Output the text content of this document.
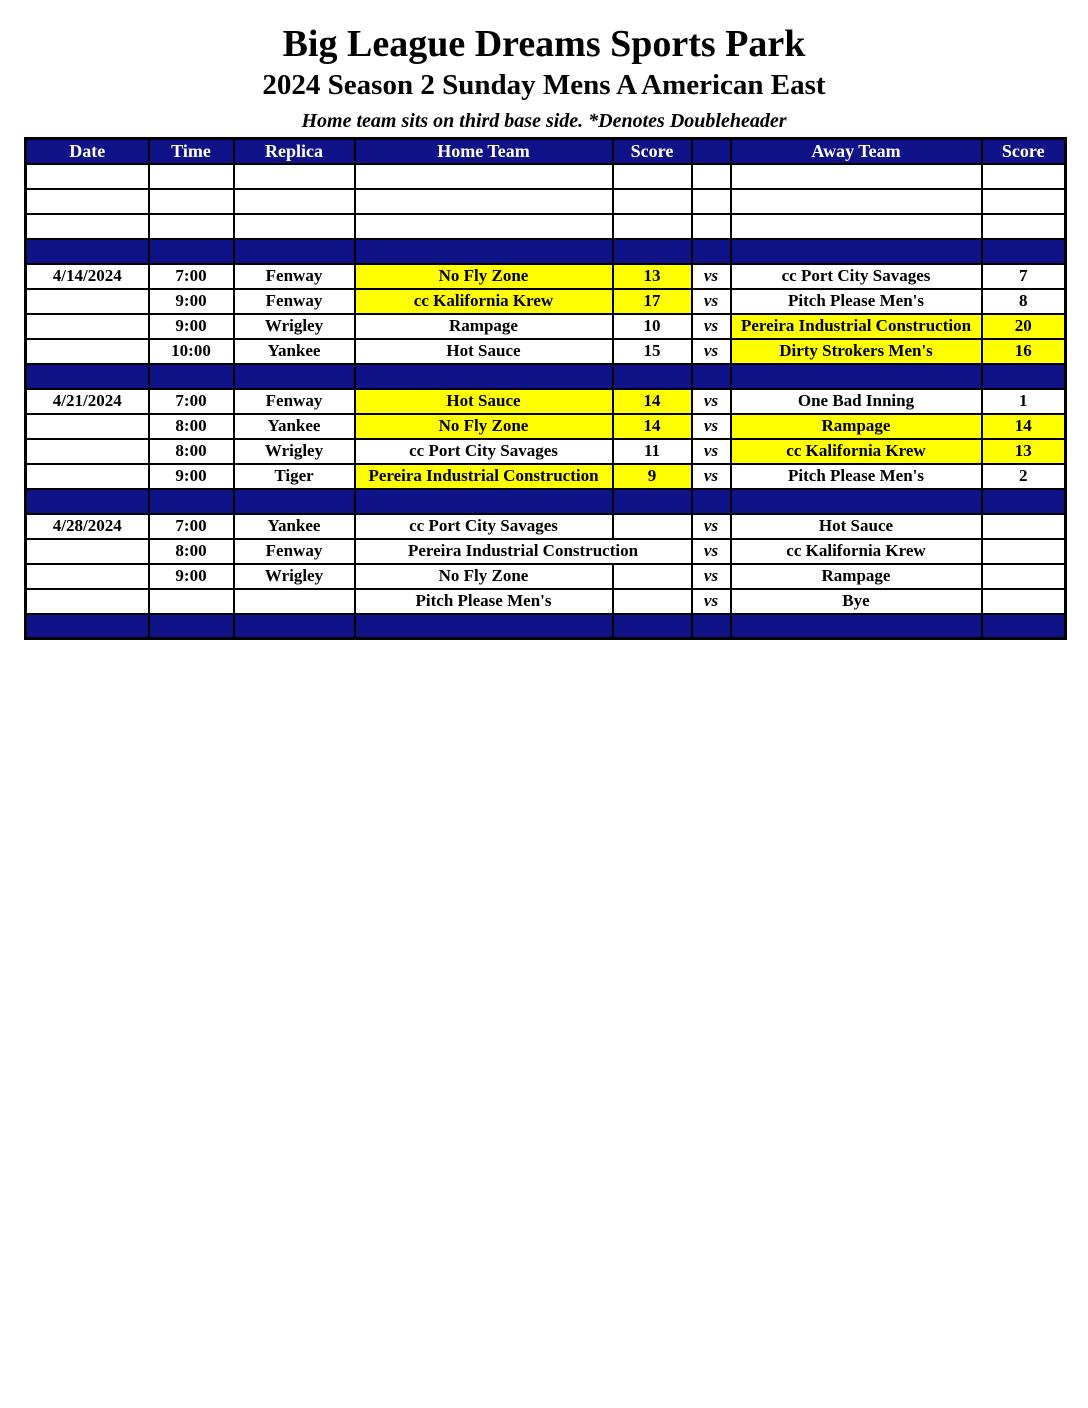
Big League Dreams Sports Park
2024 Season 2 Sunday Mens A American East
Home team sits on third base side. *Denotes Doubleheader
Date	Time	Replica	Home Team	Score		Away Team	Score

4/14/2024	7:00	Fenway	No Fly Zone	13	vs	cc Port City Savages	7
	9:00	Fenway	cc Kalifornia Krew	17	vs	Pitch Please Men's	8
	9:00	Wrigley	Rampage	10	vs	Pereira Industrial Construction	20
	10:00	Yankee	Hot Sauce	15	vs	Dirty Strokers Men's	16

4/21/2024	7:00	Fenway	Hot Sauce	14	vs	One Bad Inning	1
	8:00	Yankee	No Fly Zone	14	vs	Rampage	14
	8:00	Wrigley	cc Port City Savages	11	vs	cc Kalifornia Krew	13
	9:00	Tiger	Pereira Industrial Construction	9	vs	Pitch Please Men's	2

4/28/2024	7:00	Yankee	cc Port City Savages		vs	Hot Sauce	
	8:00	Fenway	Pereira Industrial Construction		vs	cc Kalifornia Krew	
	9:00	Wrigley	No Fly Zone		vs	Rampage	
			Pitch Please Men's		vs	Bye	
